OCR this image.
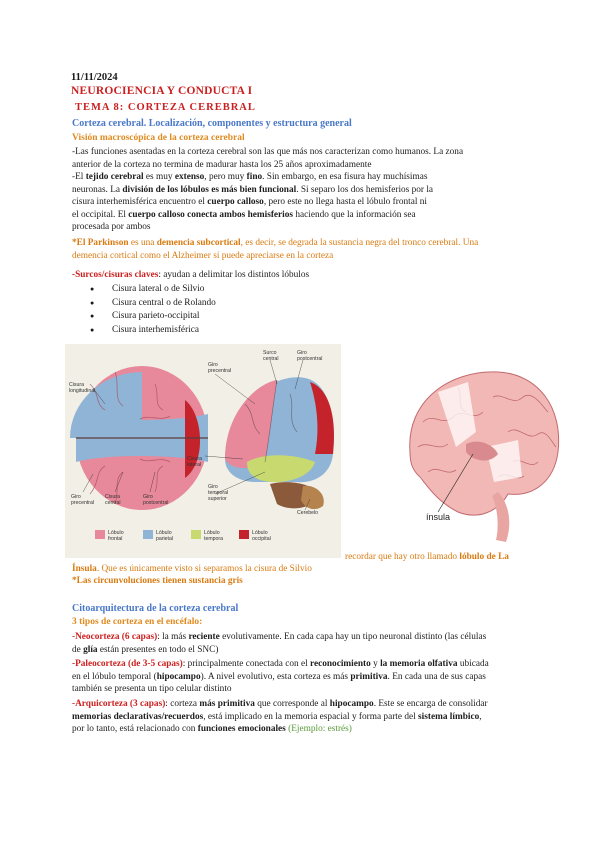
11/11/2024
NEUROCIENCIA Y CONDUCTA I
TEMA 8: CORTEZA CEREBRAL
Corteza cerebral. Localización, componentes y estructura general
Visión macroscópica de la corteza cerebral
-Las funciones asentadas en la corteza cerebral son las que más nos caracterizan como humanos. La zona
anterior de la corteza no termina de madurar hasta los 25 años aproximadamente
-El tejido cerebral es muy extenso, pero muy fino. Sin embargo, en esa fisura hay muchísimas
neuronas. La división de los lóbulos es más bien funcional. Si separo los dos hemisferios por la
cisura interhemisférica encuentro el cuerpo calloso, pero este no llega hasta el lóbulo frontal ni
el occipital. El cuerpo calloso conecta ambos hemisferios haciendo que la información sea
procesada por ambos
*El Parkinson es una demencia subcortical, es decir, se degrada la sustancia negra del tronco cerebral. Una
demencia cortical como el Alzheimer sí puede apreciarse en la corteza
-Surcos/cisuras claves: ayudan a delimitar los distintos lóbulos
● Cisura lateral o de Silvio
● Cisura central o de Rolando
● Cisura parieto-occipital
● Cisura interhemisférica
Cisura longitudinal
Giro precentral
Surco central
Giro postcentral
Giro precentral
Cisura central
Giro postcentral
Cisura lateral
Giro temporal superior
Cerebelo
Lóbulo frontal
Lóbulo parietal
Lóbulo tempora
Lóbulo occipital
ínsula
recordar que hay otro llamado lóbulo de La
Ínsula. Que es únicamente visto si separamos la cisura de Silvio
*Las circunvoluciones tienen sustancia gris
Citoarquitectura de la corteza cerebral
3 tipos de corteza en el encéfalo:
-Neocorteza (6 capas): la más reciente evolutivamente. En cada capa hay un tipo neuronal distinto (las células
de glía están presentes en todo el SNC)
-Paleocorteza (de 3-5 capas): principalmente conectada con el reconocimiento y la memoria olfativa ubicada
en el lóbulo temporal (hipocampo). A nivel evolutivo, esta corteza es más primitiva. En cada una de sus capas
también se presenta un tipo celular distinto
-Arquicorteza (3 capas): corteza más primitiva que corresponde al hipocampo. Este se encarga de consolidar
memorias declarativas/recuerdos, está implicado en la memoria espacial y forma parte del sistema límbico,
por lo tanto, está relacionado con funciones emocionales (Ejemplo: estrés)
